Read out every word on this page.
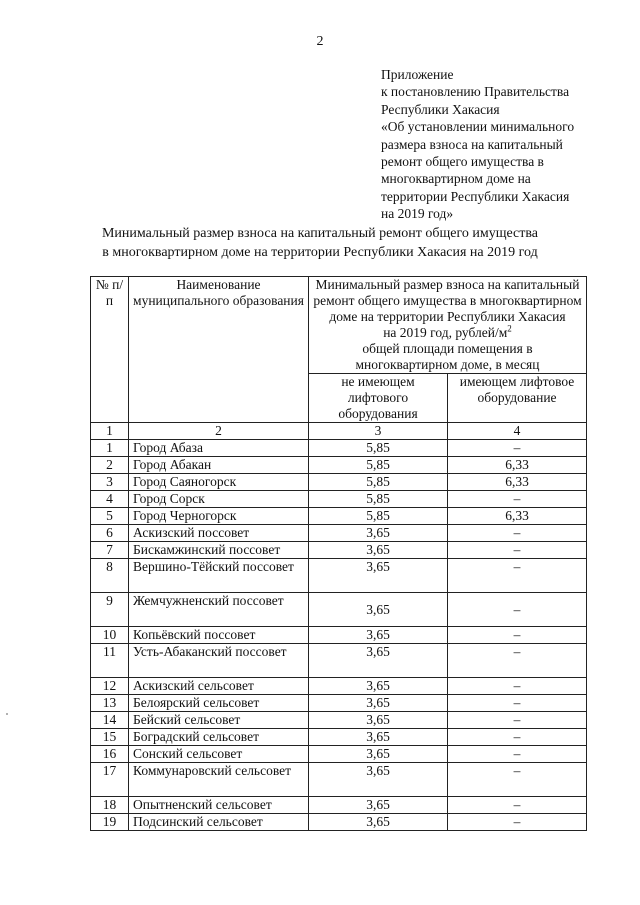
2
Приложение
к постановлению Правительства
Республики Хакасия
«Об установлении минимального
размера взноса на капитальный
ремонт общего имущества в
многоквартирном доме на
территории Республики Хакасия
на 2019 год»
Минимальный размер взноса на капитальный ремонт общего имущества
в многоквартирном доме на территории Республики Хакасия на 2019 год
№ п/п	Наименование муниципального образования	Минимальный размер взноса на капитальный ремонт общего имущества в многоквартирном доме на территории Республики Хакасия
на 2019 год, рублей/$м^2$
общей площади помещения в многоквартирном доме, в месяц	

		не имеющем лифтового оборудования	имеющем лифтовое оборудование
1	2	3	4
1	Город Абаза	5,85	–
2	Город Абакан	5,85	6,33
3	Город Саяногорск	5,85	6,33
4	Город Сорск	5,85	–
5	Город Черногорск	5,85	6,33
6	Аскизский поссовет	3,65	–
7	Бискамжинский поссовет	3,65	–
8	Вершино-Тёйский поссовет	3,65	–
9	Жемчужненский поссовет	3,65	–
10	Копьёвский поссовет	3,65	–
11	Усть-Абаканский поссовет	3,65	–
12	Аскизский сельсовет	3,65	–
13	Белоярский сельсовет	3,65	–
14	Бейский сельсовет	3,65	–
15	Боградский сельсовет	3,65	–
16	Сонский сельсовет	3,65	–
17	Коммунаровский сельсовет	3,65	–
18	Опытненский сельсовет	3,65	–
19	Подсинский сельсовет	3,65	–
